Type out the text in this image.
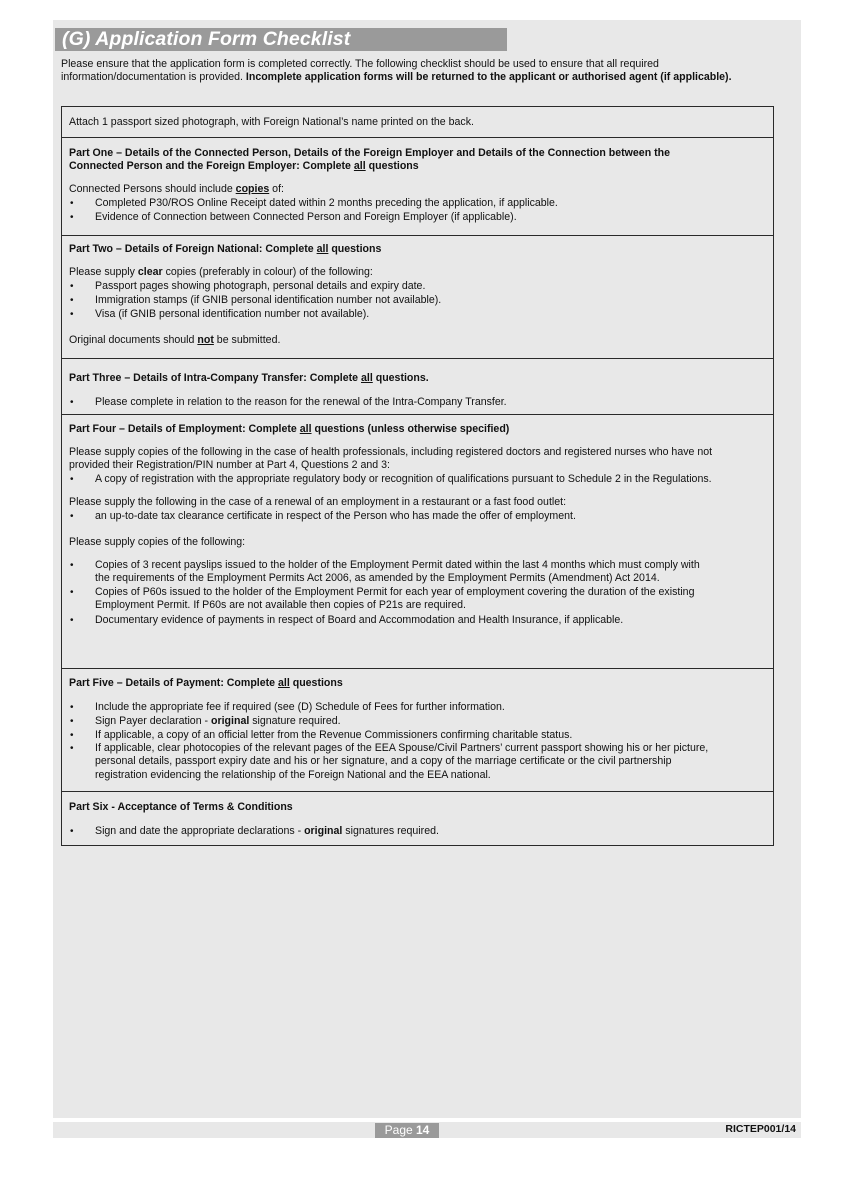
(G) Application Form Checklist
Please ensure that the application form is completed correctly. The following checklist should be used to ensure that all required
information/documentation is provided. Incomplete application forms will be returned to the applicant or authorised agent (if applicable).
Attach 1 passport sized photograph, with Foreign National’s name printed on the back.
Part One – Details of the Connected Person, Details of the Foreign Employer and Details of the Connection between the
Connected Person and the Foreign Employer: Complete all questions
Connected Persons should include copies of:
• Completed P30/ROS Online Receipt dated within 2 months preceding the application, if applicable.
• Evidence of Connection between Connected Person and Foreign Employer (if applicable).
Part Two – Details of Foreign National: Complete all questions
Please supply clear copies (preferably in colour) of the following:
• Passport pages showing photograph, personal details and expiry date.
• Immigration stamps (if GNIB personal identification number not available).
• Visa (if GNIB personal identification number not available).
Original documents should not be submitted.
Part Three – Details of Intra-Company Transfer: Complete all questions.
• Please complete in relation to the reason for the renewal of the Intra-Company Transfer.
Part Four – Details of Employment: Complete all questions (unless otherwise specified)
Please supply copies of the following in the case of health professionals, including registered doctors and registered nurses who have not
provided their Registration/PIN number at Part 4, Questions 2 and 3:
• A copy of registration with the appropriate regulatory body or recognition of qualifications pursuant to Schedule 2 in the Regulations.
Please supply the following in the case of a renewal of an employment in a restaurant or a fast food outlet:
• an up-to-date tax clearance certificate in respect of the Person who has made the offer of employment.
Please supply copies of the following:
• Copies of 3 recent payslips issued to the holder of the Employment Permit dated within the last 4 months which must comply with
the requirements of the Employment Permits Act 2006, as amended by the Employment Permits (Amendment) Act 2014.
• Copies of P60s issued to the holder of the Employment Permit for each year of employment covering the duration of the existing
Employment Permit. If P60s are not available then copies of P21s are required.
• Documentary evidence of payments in respect of Board and Accommodation and Health Insurance, if applicable.
Part Five – Details of Payment: Complete all questions
• Include the appropriate fee if required (see (D) Schedule of Fees for further information.
• Sign Payer declaration - original signature required.
• If applicable, a copy of an official letter from the Revenue Commissioners confirming charitable status.
• If applicable, clear photocopies of the relevant pages of the EEA Spouse/Civil Partners’ current passport showing his or her picture,
personal details, passport expiry date and his or her signature, and a copy of the marriage certificate or the civil partnership
registration evidencing the relationship of the Foreign National and the EEA national.
Part Six - Acceptance of Terms & Conditions
• Sign and date the appropriate declarations - original signatures required.
Page 14	RICTEP001/14
